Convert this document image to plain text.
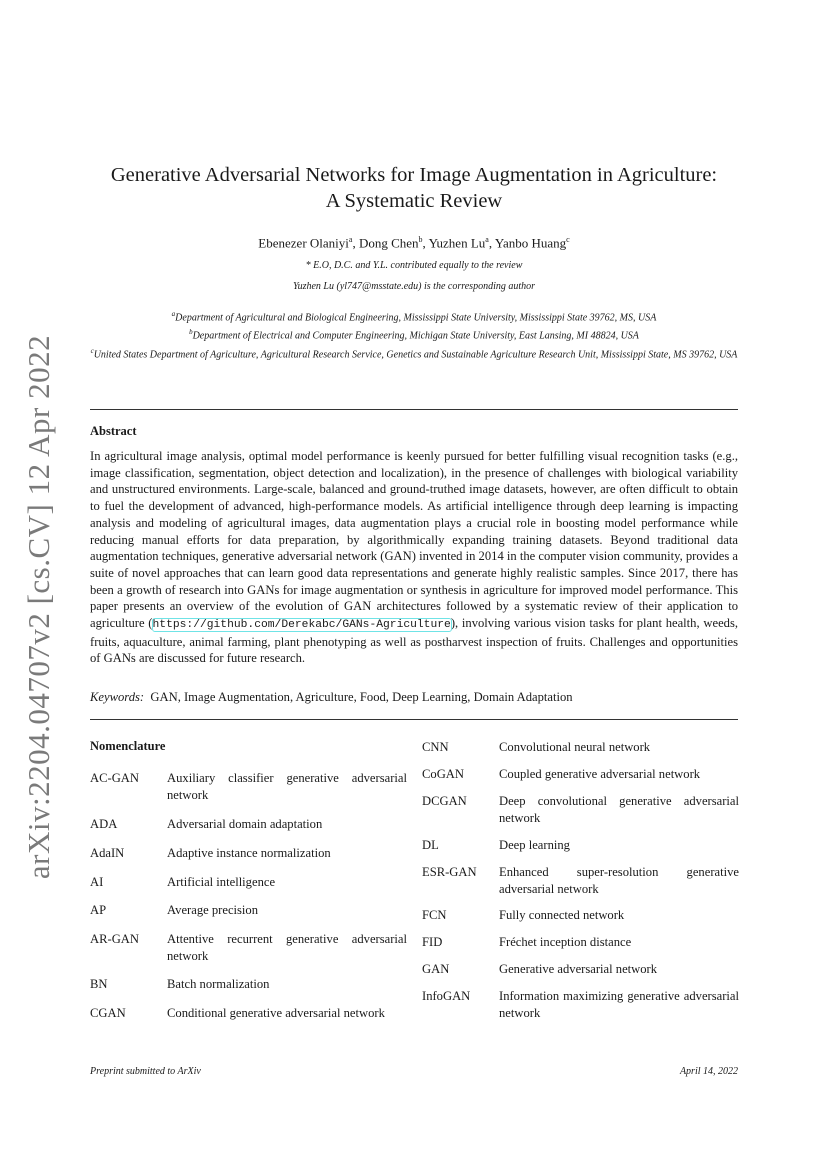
arXiv:2204.04707v2 [cs.CV] 12 Apr 2022
Generative Adversarial Networks for Image Augmentation in Agriculture:
A Systematic Review
Ebenezer Olaniyi$^a$, Dong Chen$^b$, Yuzhen Lu$^a$, Yanbo Huang$^c$
* E.O, D.C. and Y.L. contributed equally to the review
Yuzhen Lu (yl747@msstate.edu) is the corresponding author
$^a$Department of Agricultural and Biological Engineering, Mississippi State University, Mississippi State 39762, MS, USA
$^b$Department of Electrical and Computer Engineering, Michigan State University, East Lansing, MI 48824, USA
$^c$United States Department of Agriculture, Agricultural Research Service, Genetics and Sustainable Agriculture Research Unit, Mississippi State, MS 39762, USA
Abstract
In agricultural image analysis, optimal model performance is keenly pursued for better fulfilling visual recognition tasks (e.g., image classification, segmentation, object detection and localization), in the presence of challenges with biological variability and unstructured environments. Large-scale, balanced and ground-truthed image datasets, however, are often difficult to obtain to fuel the development of advanced, high-performance models. As artificial intelligence through deep learning is impacting analysis and modeling of agricultural images, data augmentation plays a crucial role in boosting model performance while reducing manual efforts for data preparation, by algorithmically expanding training datasets. Beyond traditional data augmentation techniques, generative adversarial network (GAN) invented in 2014 in the computer vision community, provides a suite of novel approaches that can learn good data representations and generate highly realistic samples. Since 2017, there has been a growth of research into GANs for image augmentation or synthesis in agriculture for improved model performance. This paper presents an overview of the evolution of GAN architectures followed by a systematic review of their application to agriculture (https://github.com/Derekabc/GANs-Agriculture), involving various vision tasks for plant health, weeds, fruits, aquaculture, animal farming, plant phenotyping as well as postharvest inspection of fruits. Challenges and opportunities of GANs are discussed for future research.
Keywords: GAN, Image Augmentation, Agriculture, Food, Deep Learning, Domain Adaptation
Nomenclature
AC-GAN Auxiliary classifier generative adversarial network
ADA	Adversarial domain adaptation
AdaIN	Adaptive instance normalization
AI	Artificial intelligence
AP	Average precision
AR-GAN Attentive recurrent generative adversarial network
BN	Batch normalization
CGAN	Conditional generative adversarial network
CNN	Convolutional neural network
CoGAN	Coupled generative adversarial network
DCGAN	Deep convolutional generative adversarial network
DL	Deep learning
ESR-GAN Enhanced super-resolution generative adversarial network
FCN	Fully connected network
FID	Fréchet inception distance
GAN	Generative adversarial network
InfoGAN Information maximizing generative adversarial network
Preprint submitted to ArXiv	April 14, 2022
